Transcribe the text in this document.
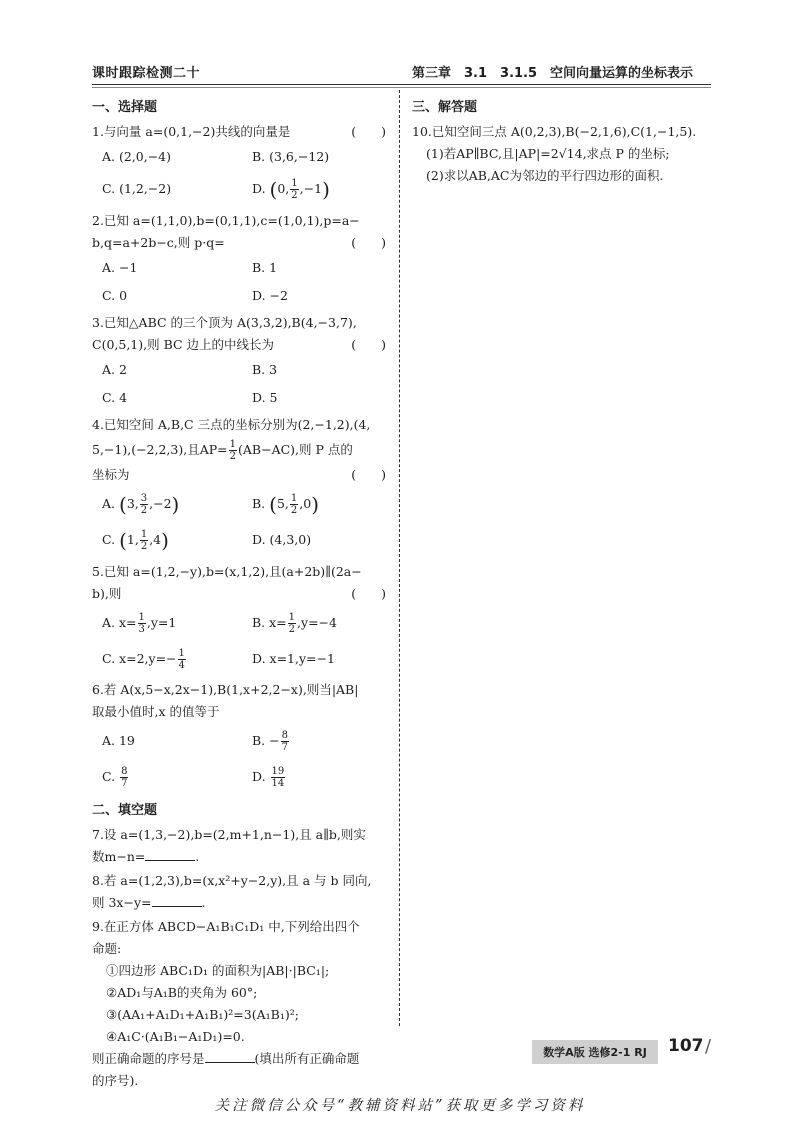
课时跟踪检测二十	第三章　3.1　3.1.5　空间向量运算的坐标表示
一、选择题
1.与向量 a=(0,1,−2)共线的向量是	(　　)
A. (2,0,−4)	B. (3,6,−12)
C. (1,2,−2)	D. (0, $\frac{1}{2} ,-1$)
2.已知 a=(1,1,0),b=(0,1,1),c=(1,0,1),p=a−
b,q=a+2b−c,则 p·q=	(　　)
A. −1	B. 1
C. 0	D. −2
3.已知△ABC 的三个顶为 A(3,3,2),B(4,−3,7),
C(0,5,1),则 BC 边上的中线长为	(　　)
A. 2	B. 3
C. 4	D. 5
4.已知空间 A,B,C 三点的坐标分别为(2,−1,2),(4,
5,−1),(−2,2,3),且$AP= \frac{1}{2} (AB-AC)$,则 P 点的
坐标为	(　　)
A. (3, $\frac{3}{2} ,-2$)	B. (5, $\frac{1}{2} ,0$)
C. (1, $\frac{1}{2} ,4$)	D. (4,3,0)
5.已知 a=(1,2,−y),b=(x,1,2),且(a+2b)∥(2a−
b),则	(　　)
A. $x= \frac{1}{3} ,y=1$	B. $x= \frac{1}{2} ,y=-4$
C. $x=2,y=- \frac{1}{4}$	D. x=1,y=−1
6.若 A(x,5−x,2x−1),B(1,x+2,2−x),则当|AB|
取最小值时,x 的值等于
A. 19	B. − $\frac{8}{7}$
C. $\frac{8}{7}$	D. $\frac{19}{14}$
二、填空题
7.设 a=(1,3,−2),b=(2,m+1,n−1),且 a∥b,则实
数m−n=	.
8.若 a=(1,2,3),b=(x,x²+y−2,y),且 a 与 b 同向,
则 3x−y=	.
9.在正方体 ABCD−A₁B₁C₁D₁ 中,下列给出四个
命题:
①四边形 ABC₁D₁ 的面积为|AB|·|BC₁|;
②AD₁与A₁B的夹角为 60°;
③(AA₁+A₁D₁+A₁B₁)²=3(A₁B₁)²;
④A₁C·(A₁B₁−A₁D₁)=0.
则正确命题的序号是	(填出所有正确命题
的序号).
三、解答题
10.已知空间三点 A(0,2,3),B(−2,1,6),C(1,−1,5).
(1)若AP∥BC,且|AP|=2√14,求点 P 的坐标;
(2)求以AB,AC为邻边的平行四边形的面积.
数学A版 选修2-1 RJ	107 /
关注微信公众号“教辅资料站”获取更多学习资料
